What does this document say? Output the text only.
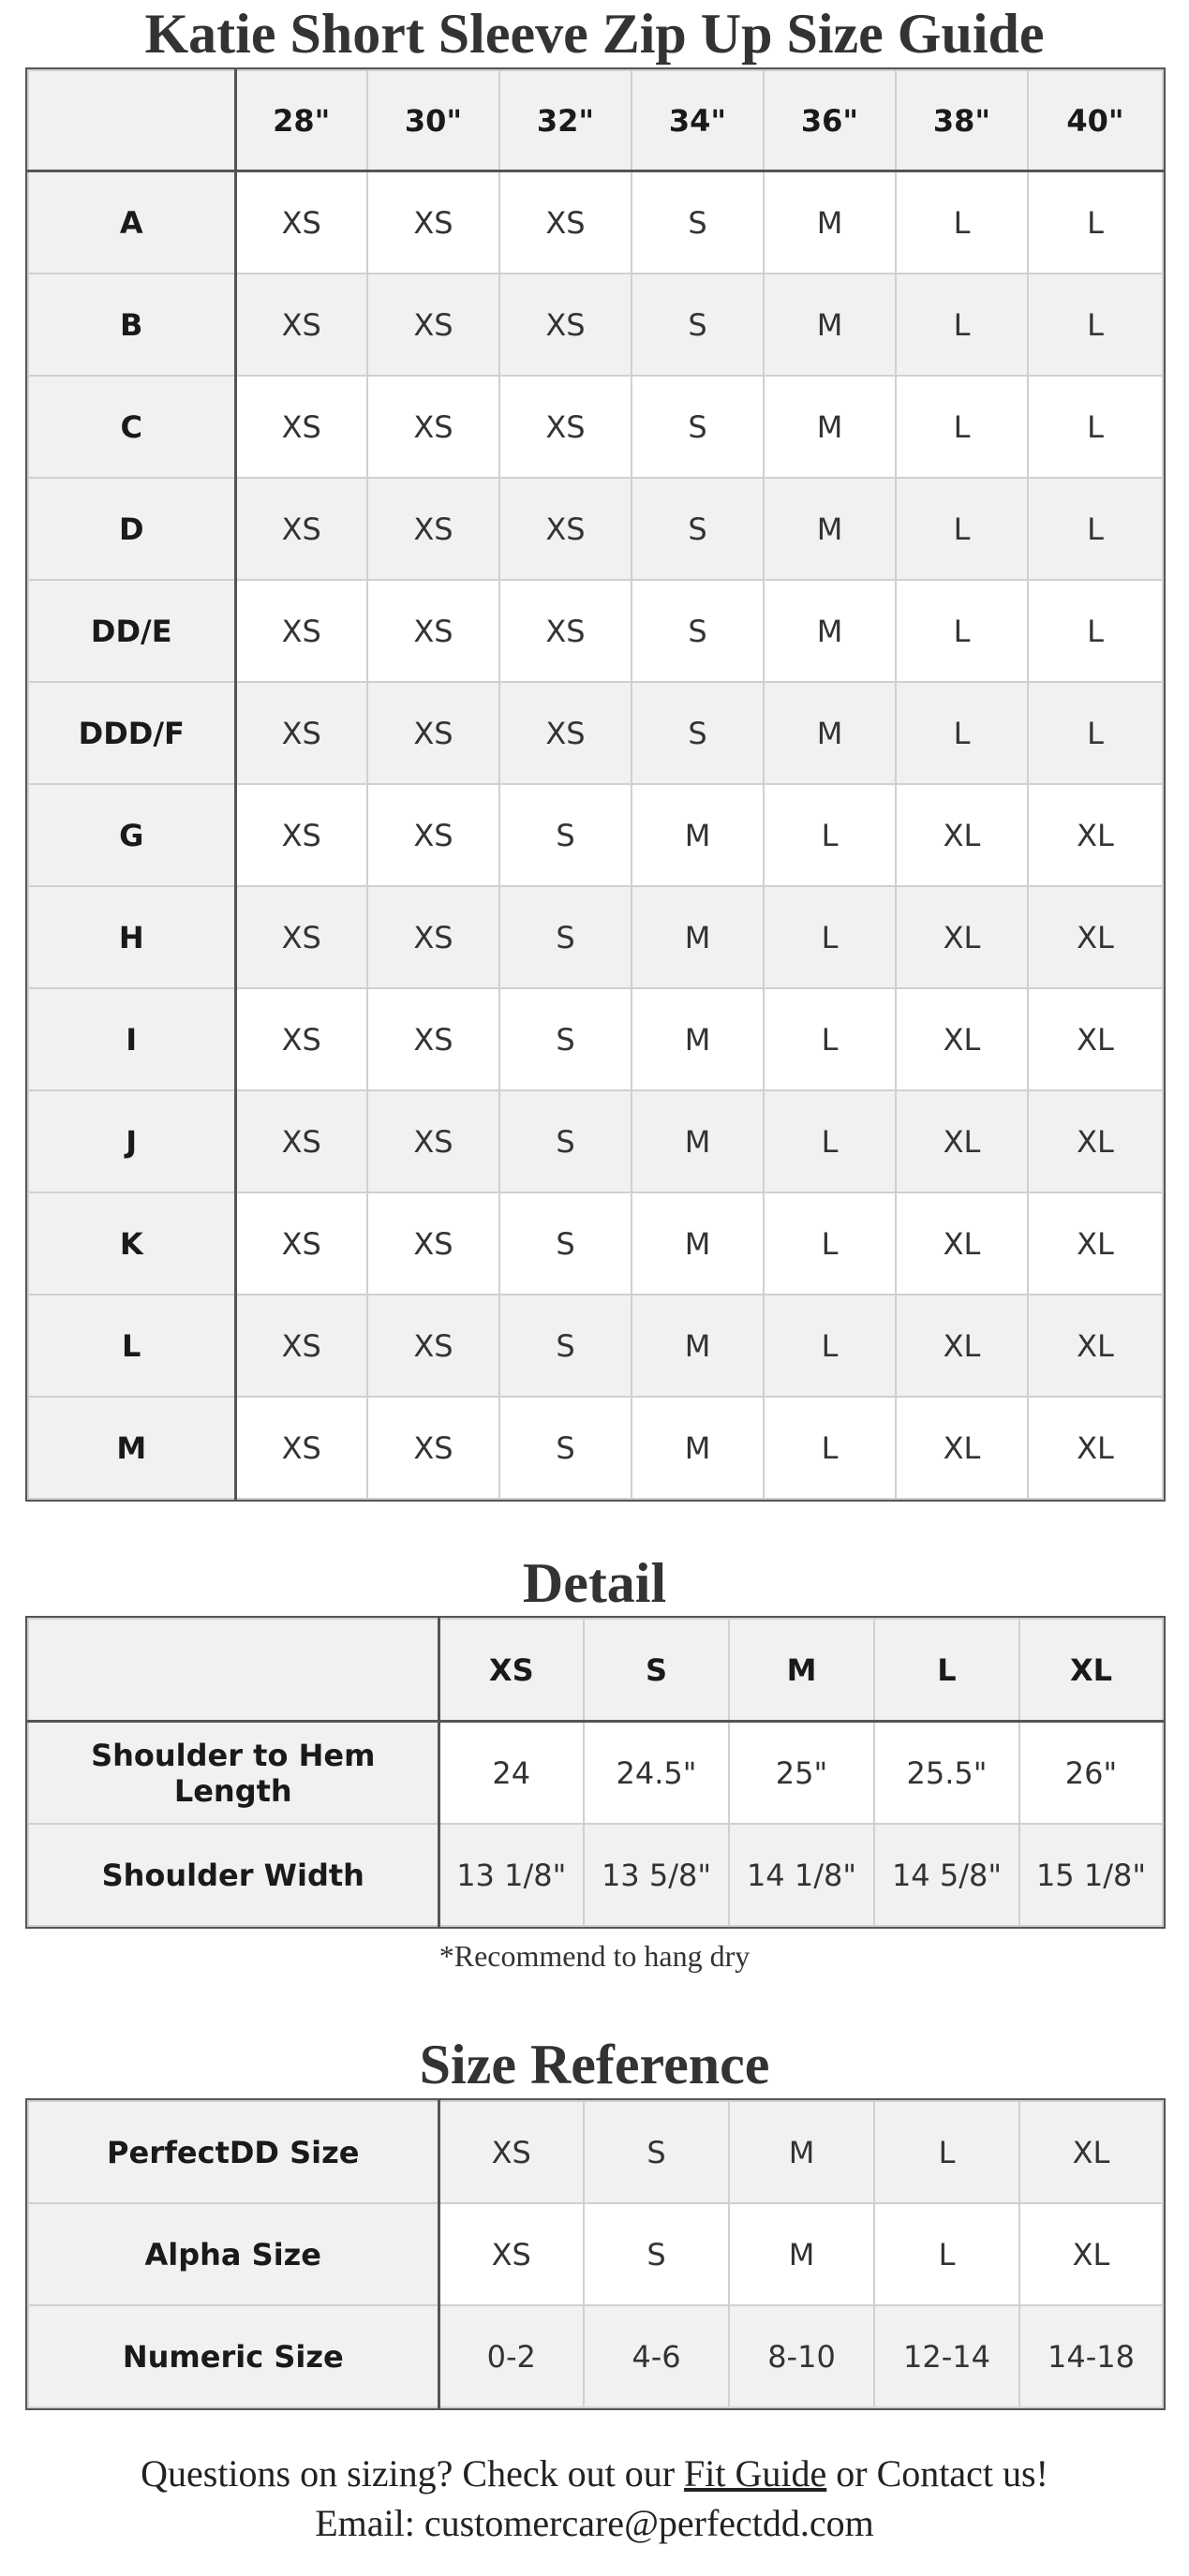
Katie Short Sleeve Zip Up Size Guide
	28"	30"	32"	34"	36"	38"	40"
A	XS	XS	XS	S	M	L	L
B	XS	XS	XS	S	M	L	L
C	XS	XS	XS	S	M	L	L
D	XS	XS	XS	S	M	L	L
DD/E	XS	XS	XS	S	M	L	L
DDD/F	XS	XS	XS	S	M	L	L
G	XS	XS	S	M	L	XL	XL
H	XS	XS	S	M	L	XL	XL
I	XS	XS	S	M	L	XL	XL
J	XS	XS	S	M	L	XL	XL
K	XS	XS	S	M	L	XL	XL
L	XS	XS	S	M	L	XL	XL
M	XS	XS	S	M	L	XL	XL
Detail
	XS	S	M	L	XL
Shoulder to Hem Length	24	24.5"	25"	25.5"	26"
Shoulder Width	13 1/8"	13 5/8"	14 1/8"	14 5/8"	15 1/8"
*Recommend to hang dry
Size Reference
PerfectDD Size	XS	S	M	L	XL
Alpha Size	XS	S	M	L	XL
Numeric Size	0-2	4-6	8-10	12-14	14-18
Questions on sizing? Check out our Fit Guide or Contact us!
Email: customercare@perfectdd.com
